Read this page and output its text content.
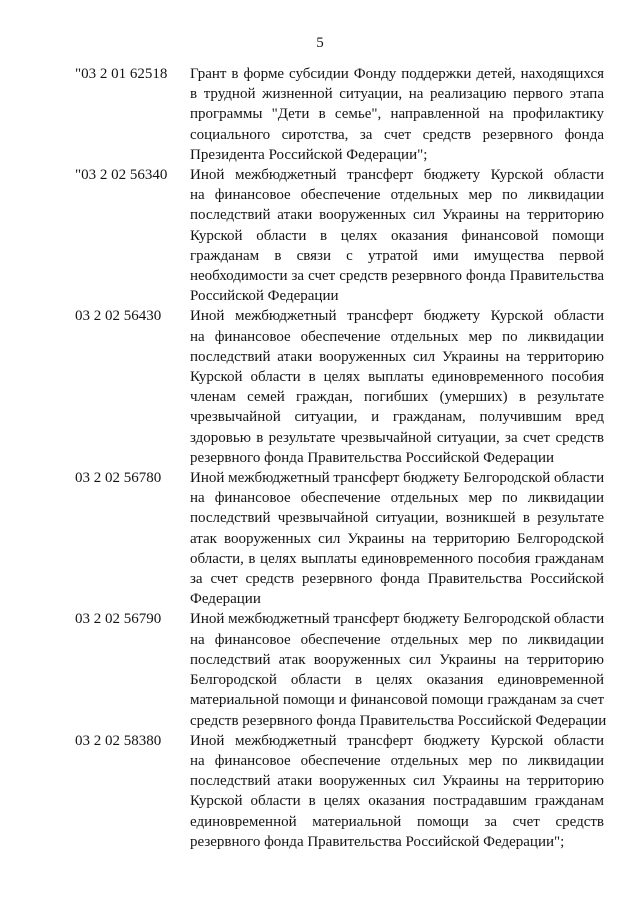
5
"03 2 01 62518 Грант в форме субсидии Фонду поддержки детей, находящихся
в трудной жизненной ситуации, на реализацию первого этапа
программы "Дети в семье", направленной на профилактику
социального сиротства, за счет средств резервного фонда
Президента Российской Федерации";
"03 2 02 56340 Иной межбюджетный трансферт бюджету Курской области
на финансовое обеспечение отдельных мер по ликвидации
последствий атаки вооруженных сил Украины на территорию
Курской области в целях оказания финансовой помощи
гражданам в связи с утратой ими имущества первой
необходимости за счет средств резервного фонда Правительства
Российской Федерации
03 2 02 56430 Иной межбюджетный трансферт бюджету Курской области
на финансовое обеспечение отдельных мер по ликвидации
последствий атаки вооруженных сил Украины на территорию
Курской области в целях выплаты единовременного пособия
членам семей граждан, погибших (умерших) в результате
чрезвычайной ситуации, и гражданам, получившим вред
здоровью в результате чрезвычайной ситуации, за счет средств
резервного фонда Правительства Российской Федерации
03 2 02 56780 Иной межбюджетный трансферт бюджету Белгородской области
на финансовое обеспечение отдельных мер по ликвидации
последствий чрезвычайной ситуации, возникшей в результате
атак вооруженных сил Украины на территорию Белгородской
области, в целях выплаты единовременного пособия гражданам
за счет средств резервного фонда Правительства Российской
Федерации
03 2 02 56790 Иной межбюджетный трансферт бюджету Белгородской области
на финансовое обеспечение отдельных мер по ликвидации
последствий атак вооруженных сил Украины на территорию
Белгородской области в целях оказания единовременной
материальной помощи и финансовой помощи гражданам за счет
средств резервного фонда Правительства Российской Федерации
03 2 02 58380 Иной межбюджетный трансферт бюджету Курской области
на финансовое обеспечение отдельных мер по ликвидации
последствий атаки вооруженных сил Украины на территорию
Курской области в целях оказания пострадавшим гражданам
единовременной материальной помощи за счет средств
резервного фонда Правительства Российской Федерации";
